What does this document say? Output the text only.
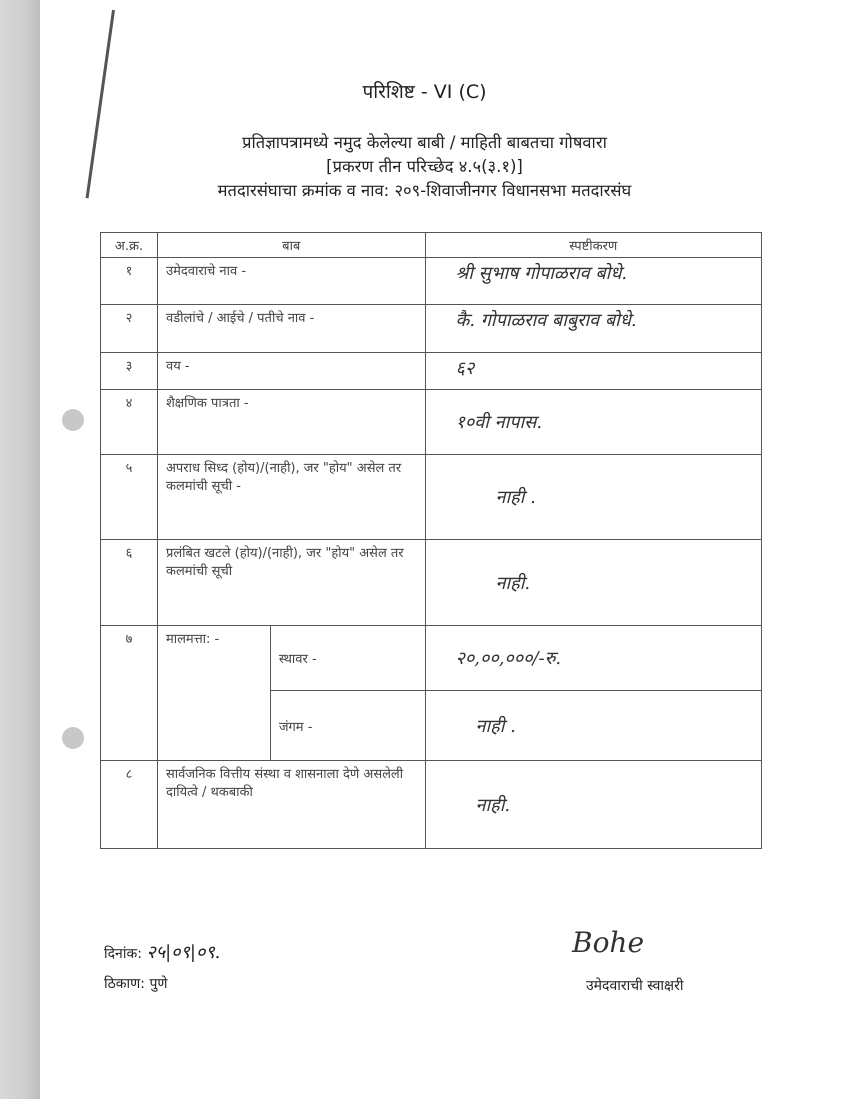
परिशिष्ट - VI (C)
प्रतिज्ञापत्रामध्ये नमुद केलेल्या बाबी / माहिती बाबतचा गोषवारा
[प्रकरण तीन परिच्छेद ४.५(३.१)]
मतदारसंघाचा क्रमांक व नाव: २०९-शिवाजीनगर विधानसभा मतदारसंघ
अ.क्र.	बाब		स्पष्टीकरण
१	उमेदवाराचे नाव -		श्री सुभाष गोपाळराव बोधे.
२	वडीलांचे / आईचे / पतीचे नाव -		कै. गोपाळराव बाबुराव बोधे.
३	वय -		६२
४	शैक्षणिक पात्रता -		१०वी नापास.
५	अपराध सिध्द (होय)/(नाही), जर "होय" असेल तर कलमांची सूची -		नाही .
६	प्रलंबित खटले (होय)/(नाही), जर "होय" असेल तर कलमांची सूची		नाही.
७	मालमत्ता: -	स्थावर -	२०,००,०००/-रु.
		जंगम -	नाही .
८	सार्वजनिक वित्तीय संस्था व शासनाला देणे असलेली दायित्वे / थकबाकी		नाही.
दिनांक: २५|०९|०९.
ठिकाण: पुणे
Bohe
उमेदवाराची स्वाक्षरी
